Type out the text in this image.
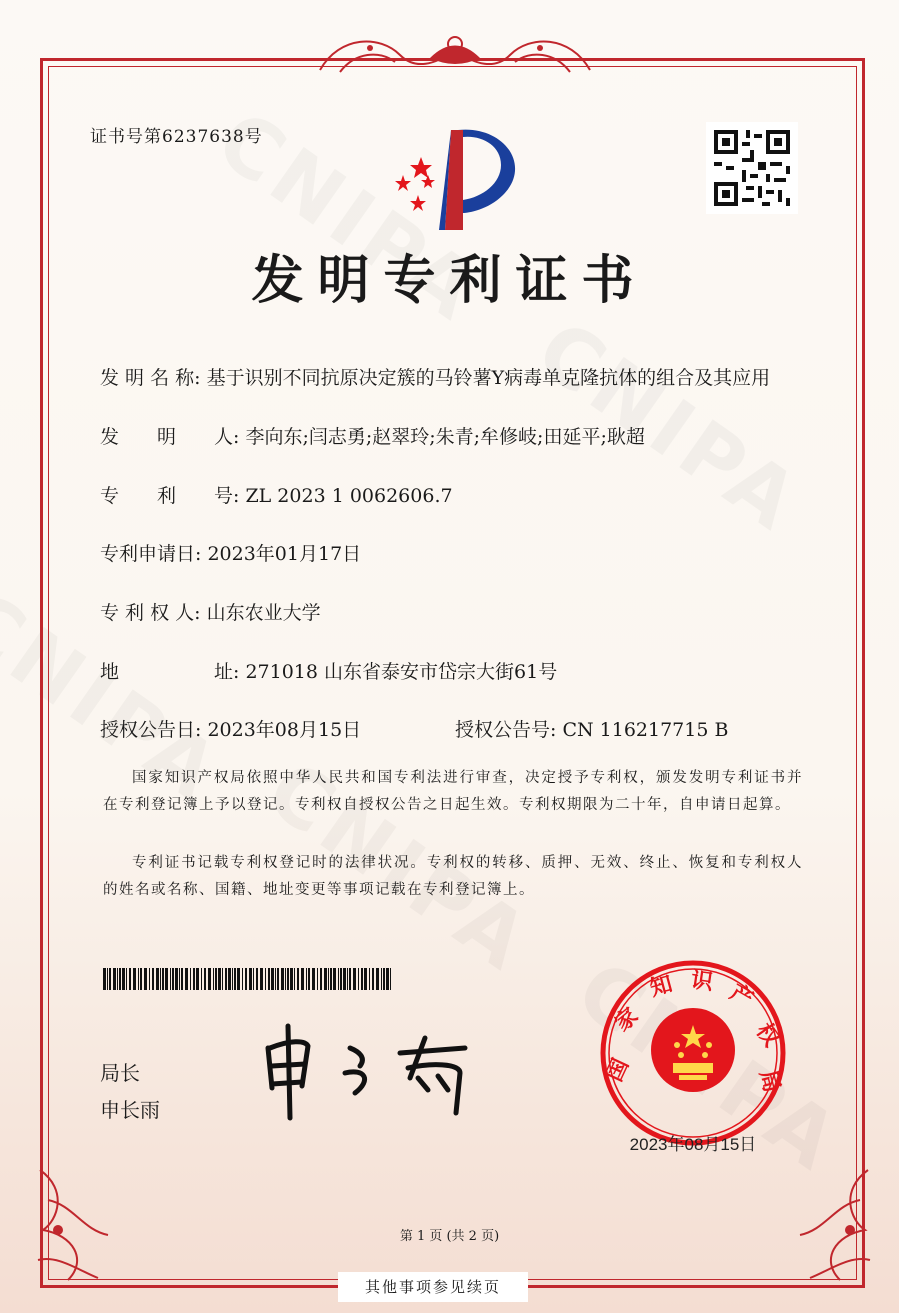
证书号第6237638号
发明专利证书
发 明 名 称: 基于识别不同抗原决定簇的马铃薯Y病毒单克隆抗体的组合及其应用
发　　明　　人: 李向东;闫志勇;赵翠玲;朱青;牟修岐;田延平;耿超
专　　利　　号: ZL 2023 1 0062606.7
专利申请日: 2023年01月17日
专 利 权 人: 山东农业大学
地　　　　　址: 271018 山东省泰安市岱宗大街61号
授权公告日: 2023年08月15日	授权公告号: CN 116217715 B
国家知识产权局依照中华人民共和国专利法进行审查，决定授予专利权，颁发发明专利证书并在专利登记簿上予以登记。专利权自授权公告之日起生效。专利权期限为二十年，自申请日起算。
专利证书记载专利权登记时的法律状况。专利权的转移、质押、无效、终止、恢复和专利权人的姓名或名称、国籍、地址变更等事项记载在专利登记簿上。
局长
申长雨
国
家
知 识 产
权
局
2023年08月15日
第 1 页 (共 2 页)
其他事项参见续页
